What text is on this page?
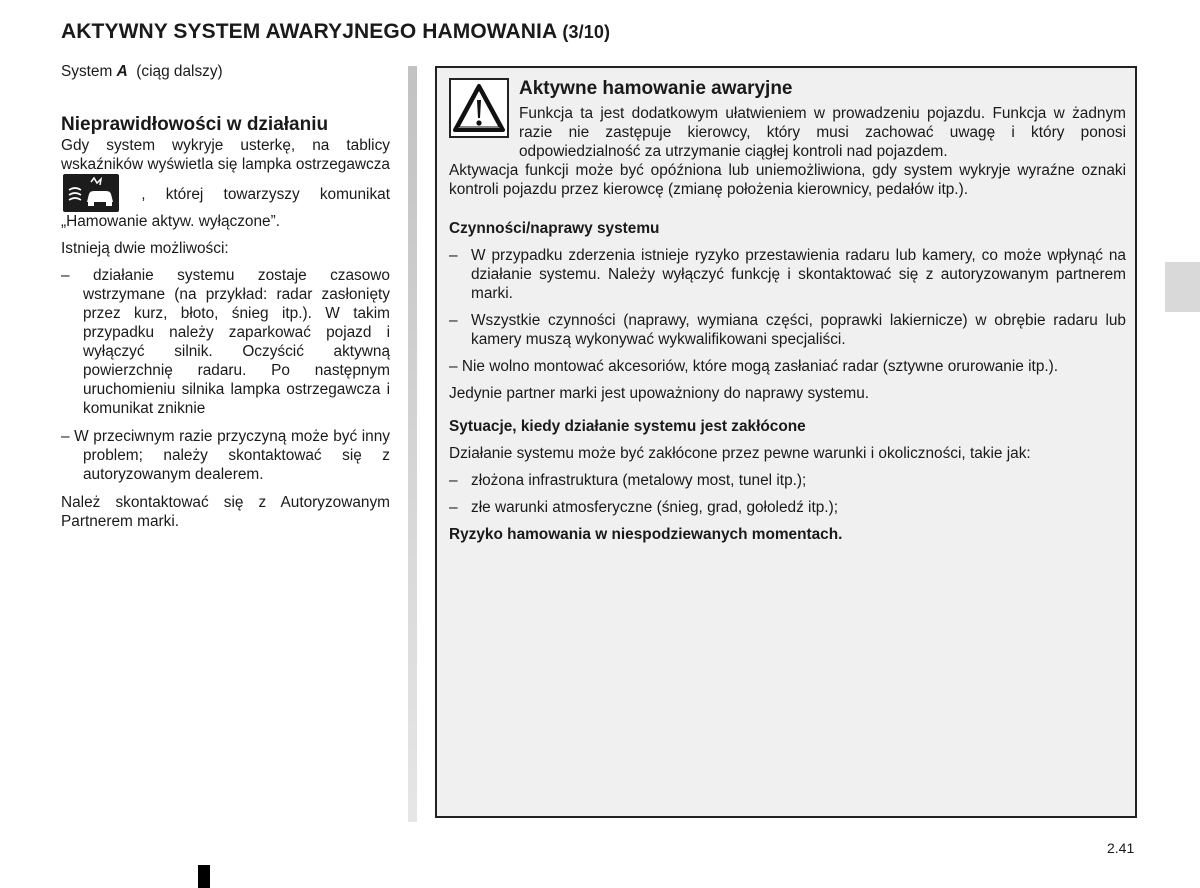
AKTYWNY SYSTEM AWARYJNEGO HAMOWANIA (3/10)

System A (ciąg dalszy)

Nieprawidłowości w działaniu

Gdy system wykryje usterkę, na tablicy wskaźników wyświetla się lampka ostrzegawcza
, której towarzyszy komunikat „Hamowanie aktyw. wyłączone”.

Istnieją dwie możliwości:

– działanie systemu zostaje czasowo wstrzymane (na przykład: radar zasłonięty przez kurz, błoto, śnieg itp.). W takim przypadku należy zaparkować pojazd i wyłączyć silnik. Oczyścić aktywną powierzchnię radaru. Po następnym uruchomieniu silnika lampka ostrzegawcza i komunikat zniknie

– W przeciwnym razie przyczyną może być inny problem; należy skontaktować się z autoryzowanym dealerem.

Należ skontaktować się z Autoryzowanym Partnerem marki.

Aktywne hamowanie awaryjne

Funkcja ta jest dodatkowym ułatwieniem w prowadzeniu pojazdu. Funkcja w żadnym razie nie zastępuje kierowcy, który musi zachować uwagę i który ponosi odpowiedzialność za utrzymanie ciągłej kontroli nad pojazdem.
Aktywacja funkcji może być opóźniona lub uniemożliwiona, gdy system wykryje wyraźne oznaki kontroli pojazdu przez kierowcę (zmianę położenia kierownicy, pedałów itp.).

Czynności/naprawy systemu

– W przypadku zderzenia istnieje ryzyko przestawienia radaru lub kamery, co może wpłynąć na działanie systemu. Należy wyłączyć funkcję i skontaktować się z autoryzowanym partnerem marki.

– Wszystkie czynności (naprawy, wymiana części, poprawki lakiernicze) w obrębie radaru lub kamery muszą wykonywać wykwalifikowani specjaliści.

– Nie wolno montować akcesoriów, które mogą zasłaniać radar (sztywne orurowanie itp.).

Jedynie partner marki jest upoważniony do naprawy systemu.

Sytuacje, kiedy działanie systemu jest zakłócone

Działanie systemu może być zakłócone przez pewne warunki i okoliczności, takie jak:

– złożona infrastruktura (metalowy most, tunel itp.);

– złe warunki atmosferyczne (śnieg, grad, gołoledź itp.);

Ryzyko hamowania w niespodziewanych momentach.

2.41
